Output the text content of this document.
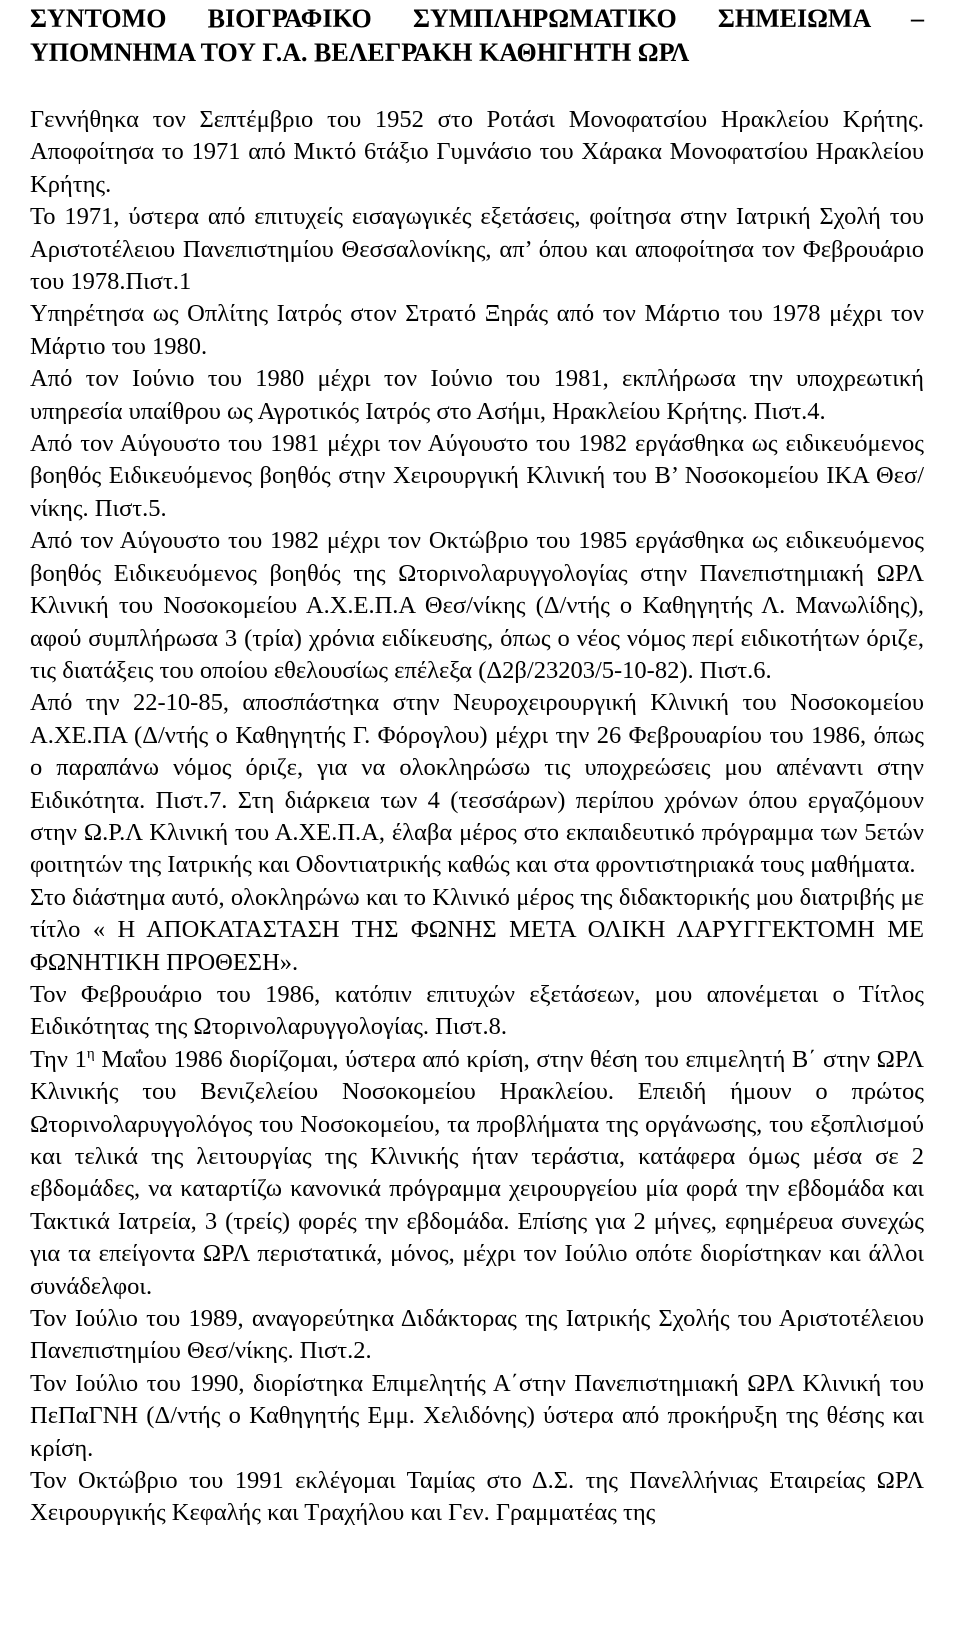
ΣΥΝΤΟΜΟ ΒΙΟΓΡΑΦΙΚΟ ΣΥΜΠΛΗΡΩΜΑΤΙΚΟ ΣΗΜΕΙΩΜΑ –
ΥΠΟΜΝΗΜΑ ΤΟΥ Γ.Α. ΒΕΛΕΓΡΑΚΗ ΚΑΘΗΓΗΤΗ ΩΡΛ

Γεννήθηκα τον Σεπτέμβριο του 1952 στο Ροτάσι Μονοφατσίου Ηρακλείου Κρήτης. Αποφοίτησα το 1971 από Μικτό 6τάξιο Γυμνάσιο του Χάρακα Μονοφατσίου Ηρακλείου Κρήτης.

Το 1971, ύστερα από επιτυχείς εισαγωγικές εξετάσεις, φοίτησα στην Ιατρική Σχολή του Αριστοτέλειου Πανεπιστημίου Θεσσαλονίκης, απ’ όπου και αποφοίτησα τον Φεβρουάριο του 1978.Πιστ.1

Υπηρέτησα ως Οπλίτης Ιατρός στον Στρατό Ξηράς από τον Μάρτιο του 1978 μέχρι τον Μάρτιο του 1980.

Από τον Ιούνιο του 1980 μέχρι τον Ιούνιο του 1981, εκπλήρωσα την υποχρεωτική υπηρεσία υπαίθρου ως Αγροτικός Ιατρός στο Ασήμι, Ηρακλείου Κρήτης. Πιστ.4.

Από τον Αύγουστο του 1981 μέχρι τον Αύγουστο του 1982 εργάσθηκα ως ειδικευόμενος βοηθός Ειδικευόμενος βοηθός στην Χειρουργική Κλινική του Β’ Νοσοκομείου ΙΚΑ Θεσ/νίκης. Πιστ.5.

Από τον Αύγουστο του 1982 μέχρι τον Οκτώβριο του 1985 εργάσθηκα ως ειδικευόμενος βοηθός Ειδικευόμενος βοηθός της Ωτορινολαρυγγολογίας στην Πανεπιστημιακή ΩΡΛ Κλινική του Νοσοκομείου Α.Χ.Ε.Π.Α Θεσ/νίκης (Δ/ντής ο Καθηγητής Λ. Μανωλίδης), αφού συμπλήρωσα 3 (τρία) χρόνια ειδίκευσης, όπως ο νέος νόμος περί ειδικοτήτων όριζε, τις διατάξεις του οποίου εθελουσίως επέλεξα (Δ2β/23203/5-10-82). Πιστ.6.

Από την 22-10-85, αποσπάστηκα στην Νευροχειρουργική Κλινική του Νοσοκομείου Α.ΧΕ.ΠΑ (Δ/ντής ο Καθηγητής Γ. Φόρογλου) μέχρι την 26 Φεβρουαρίου του 1986, όπως ο παραπάνω νόμος όριζε, για να ολοκληρώσω τις υποχρεώσεις μου απέναντι στην Ειδικότητα. Πιστ.7. Στη διάρκεια των 4 (τεσσάρων) περίπου χρόνων όπου εργαζόμουν στην Ω.Ρ.Λ Κλινική του Α.ΧΕ.Π.Α, έλαβα μέρος στο εκπαιδευτικό πρόγραμμα των 5ετών φοιτητών της Ιατρικής και Οδοντιατρικής καθώς και στα φροντιστηριακά τους μαθήματα.

Στο διάστημα αυτό, ολοκληρώνω και το Κλινικό μέρος της διδακτορικής μου διατριβής με τίτλο « Η ΑΠΟΚΑΤΑΣΤΑΣΗ ΤΗΣ ΦΩΝΗΣ ΜΕΤΑ ΟΛΙΚΗ ΛΑΡΥΓΓΕΚΤΟΜΗ ΜΕ ΦΩΝΗΤΙΚΗ ΠΡΟΘΕΣΗ».

Τον Φεβρουάριο του 1986, κατόπιν επιτυχών εξετάσεων, μου απονέμεται ο Τίτλος Ειδικότητας της Ωτορινολαρυγγολογίας. Πιστ.8.

Την $1^\eta$ Μαΐου 1986 διορίζομαι, ύστερα από κρίση, στην θέση του επιμελητή Β΄ στην ΩΡΛ Κλινικής του Βενιζελείου Νοσοκομείου Ηρακλείου. Επειδή ήμουν ο πρώτος Ωτορινολαρυγγολόγος του Νοσοκομείου, τα προβλήματα της οργάνωσης, του εξοπλισμού και τελικά της λειτουργίας της Κλινικής ήταν τεράστια, κατάφερα όμως μέσα σε 2 εβδομάδες, να καταρτίζω κανονικά πρόγραμμα χειρουργείου μία φορά την εβδομάδα και Τακτικά Ιατρεία, 3 (τρείς) φορές την εβδομάδα. Επίσης για 2 μήνες, εφημέρευα συνεχώς για τα επείγοντα ΩΡΛ περιστατικά, μόνος, μέχρι τον Ιούλιο οπότε διορίστηκαν και άλλοι συνάδελφοι.

Τον Ιούλιο του 1989, αναγορεύτηκα Διδάκτορας της Ιατρικής Σχολής του Αριστοτέλειου Πανεπιστημίου Θεσ/νίκης. Πιστ.2.

Τον Ιούλιο του 1990, διορίστηκα Επιμελητής Α΄στην Πανεπιστημιακή ΩΡΛ Κλινική του ΠεΠαΓΝΗ (Δ/ντής ο Καθηγητής Εμμ. Χελιδόνης) ύστερα από προκήρυξη της θέσης και κρίση.

Τον Οκτώβριο του 1991 εκλέγομαι Ταμίας στο Δ.Σ. της Πανελλήνιας Εταιρείας ΩΡΛ Χειρουργικής Κεφαλής και Τραχήλου και Γεν. Γραμματέας της
